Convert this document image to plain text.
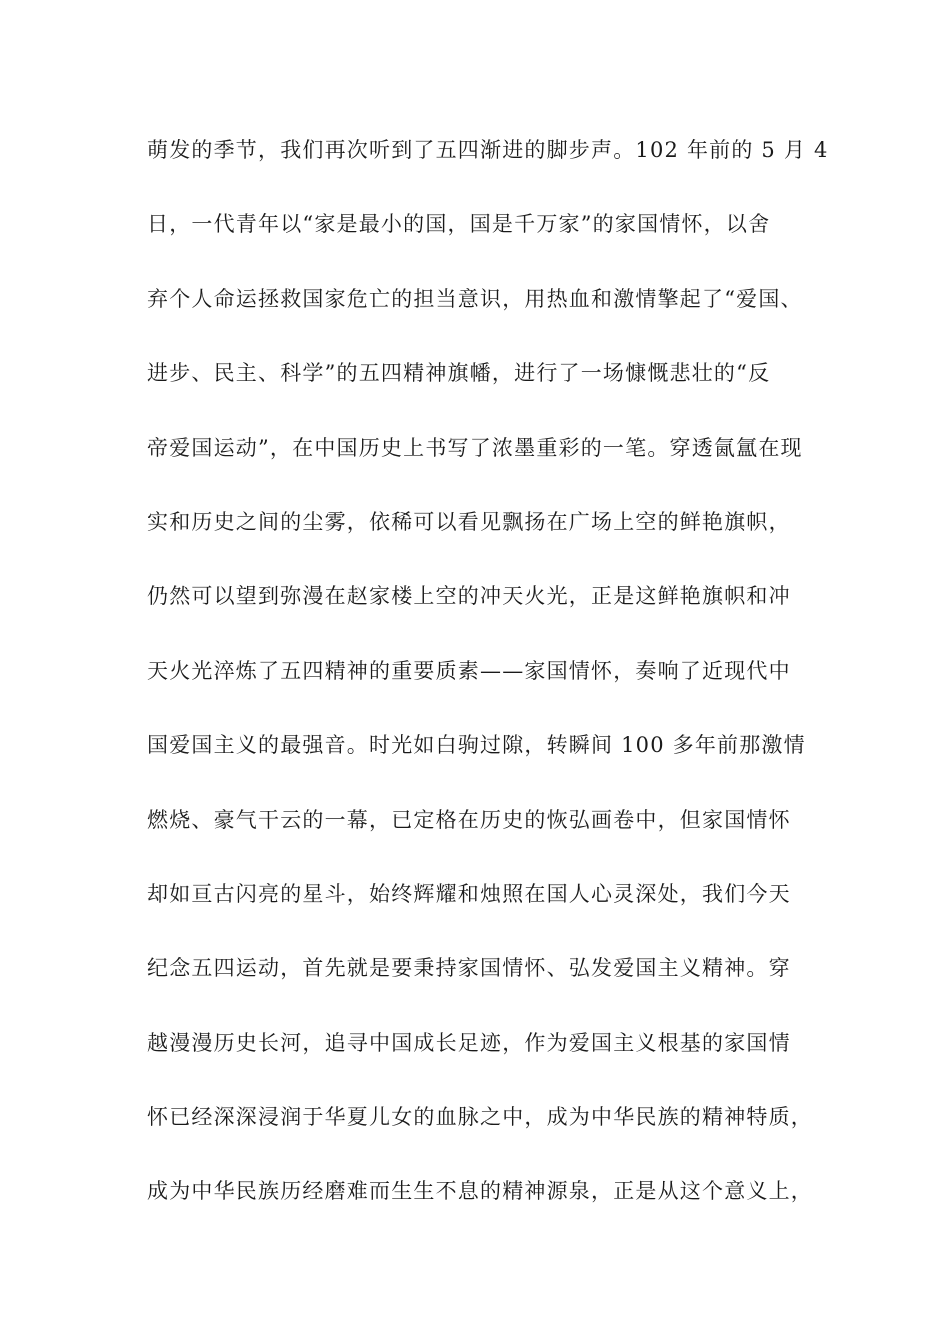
萌发的季节，我们再次听到了五四渐进的脚步声。102 年前的 5 月 4
日，一代青年以“家是最小的国，国是千万家”的家国情怀，以舍
弃个人命运拯救国家危亡的担当意识，用热血和激情擎起了“爱国、
进步、民主、科学”的五四精神旗幡，进行了一场慷慨悲壮的“反
帝爱国运动”，在中国历史上书写了浓墨重彩的一笔。穿透氤氲在现
实和历史之间的尘雾，依稀可以看见飘扬在广场上空的鲜艳旗帜，
仍然可以望到弥漫在赵家楼上空的冲天火光，正是这鲜艳旗帜和冲
天火光淬炼了五四精神的重要质素——家国情怀，奏响了近现代中
国爱国主义的最强音。时光如白驹过隙，转瞬间 100 多年前那激情
燃烧、豪气干云的一幕，已定格在历史的恢弘画卷中，但家国情怀
却如亘古闪亮的星斗，始终辉耀和烛照在国人心灵深处，我们今天
纪念五四运动，首先就是要秉持家国情怀、弘发爱国主义精神。穿
越漫漫历史长河，追寻中国成长足迹，作为爱国主义根基的家国情
怀已经深深浸润于华夏儿女的血脉之中，成为中华民族的精神特质，
成为中华民族历经磨难而生生不息的精神源泉，正是从这个意义上，
